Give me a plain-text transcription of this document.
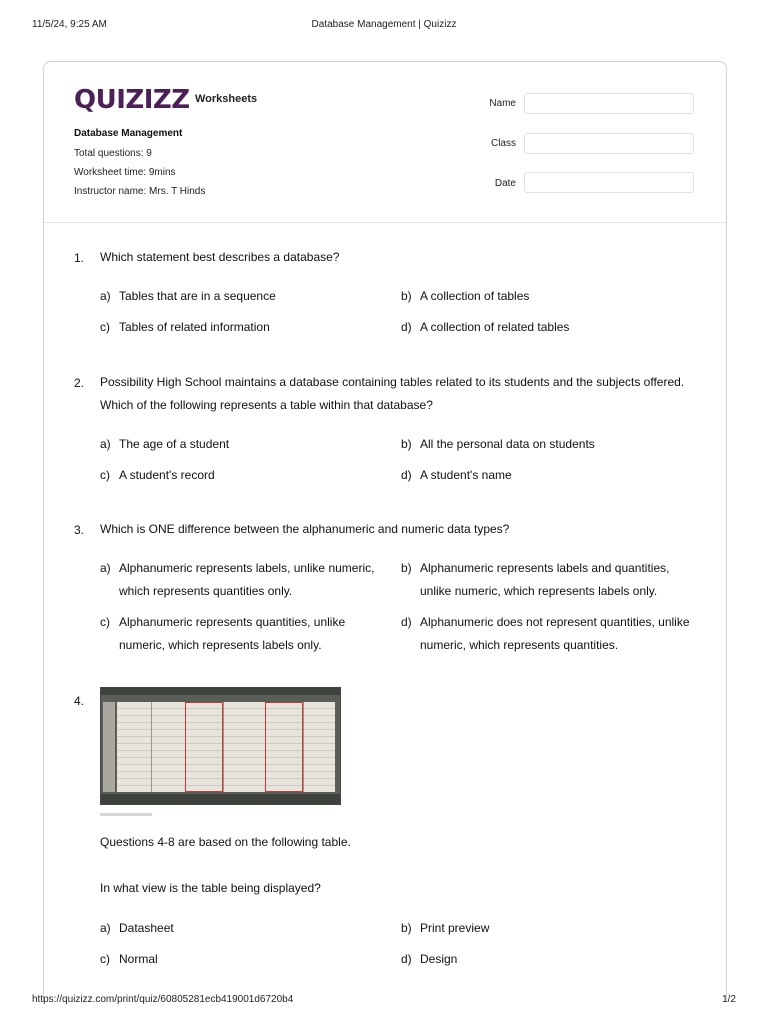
11/5/24, 9:25 AM	Database Management | Quizizz
QUIZIZZ Worksheets
Database Management
Total questions: 9
Worksheet time: 9mins
Instructor name: Mrs. T Hinds
Name
Class
Date
1. Which statement best describes a database?
a) Tables that are in a sequence	b) A collection of tables
c) Tables of related information	d) A collection of related tables
2. Possibility High School maintains a database containing tables related to its students and the subjects offered. Which of the following represents a table within that database?
a) The age of a student	b) All the personal data on students
c) A student's record	d) A student's name
3. Which is ONE difference between the alphanumeric and numeric data types?
a) Alphanumeric represents labels, unlike numeric, which represents quantities only.
b) Alphanumeric represents labels and quantities, unlike numeric, which represents labels only.
c) Alphanumeric represents quantities, unlike numeric, which represents labels only.
d) Alphanumeric does not represent quantities, unlike numeric, which represents quantities.
4.
Questions 4-8 are based on the following table.
In what view is the table being displayed?
a) Datasheet	b) Print preview
c) Normal	d) Design
https://quizizz.com/print/quiz/60805281ecb419001d6720b4	1/2
